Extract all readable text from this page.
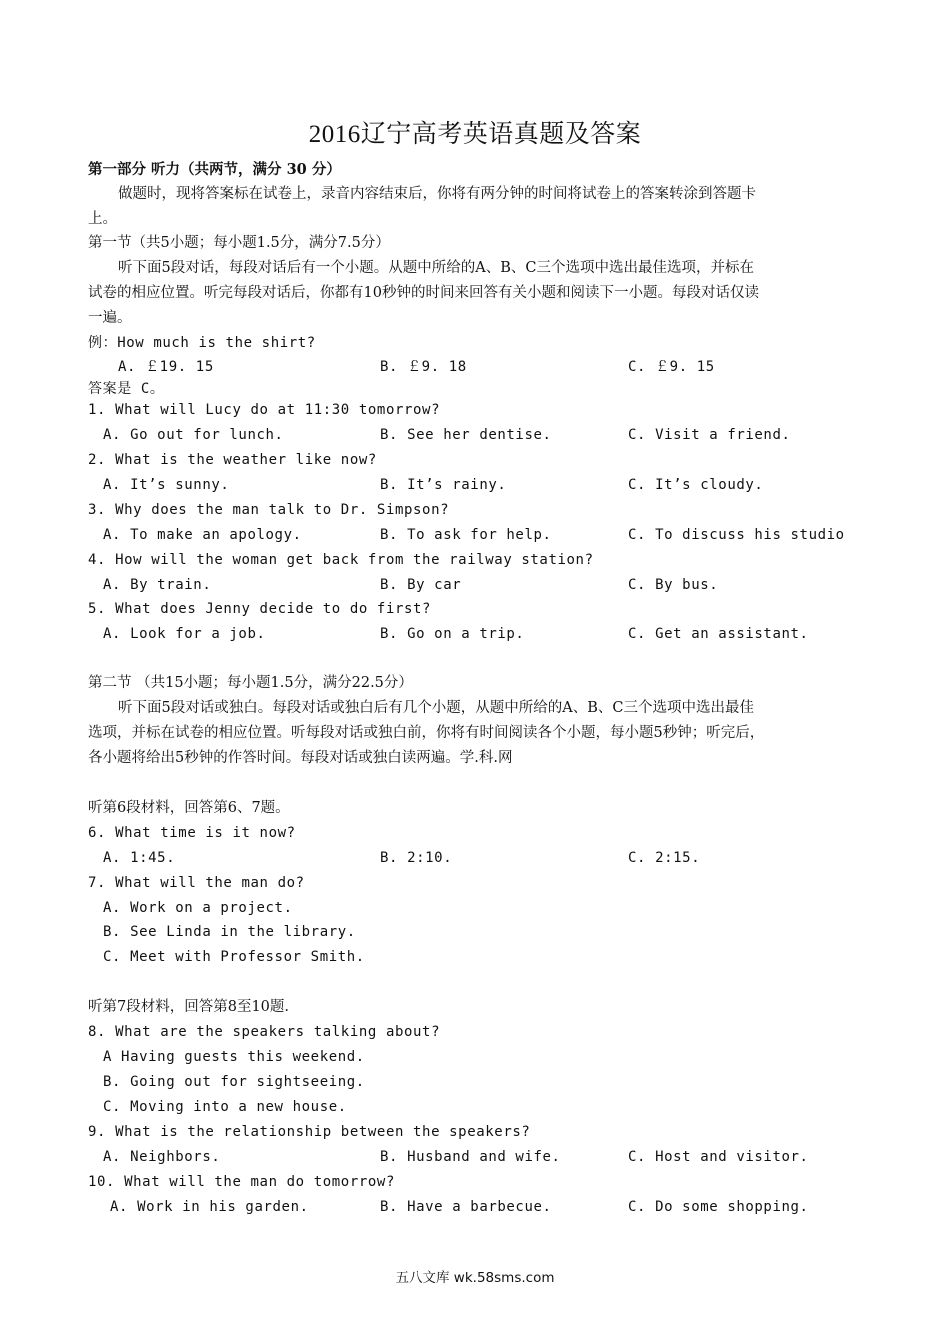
2016辽宁高考英语真题及答案
第一部分 听力（共两节，满分 30 分）
做题时，现将答案标在试卷上，录音内容结束后，你将有两分钟的时间将试卷上的答案转涂到答题卡
上。
第一节（共5小题；每小题1.5分，满分7.5分）
听下面5段对话，每段对话后有一个小题。从题中所给的A、B、C三个选项中选出最佳选项，并标在
试卷的相应位置。听完每段对话后，你都有10秒钟的时间来回答有关小题和阅读下一小题。每段对话仅读
一遍。
例：How much is the shirt?
A. ￡19. 15	B. ￡9. 18	C. ￡9. 15
答案是 C。
1. What will Lucy do at 11:30 tomorrow?
A. Go out for lunch.	B. See her dentise.	C. Visit a friend.
2. What is the weather like now?
A. It’s sunny.	B. It’s rainy.	C. It’s cloudy.
3. Why does the man talk to Dr. Simpson?
A. To make an apology.	B. To ask for help.	C. To discuss his studio
4. How will the woman get back from the railway station?
A. By train.	B. By car	C. By bus.
5. What does Jenny decide to do first?
A. Look for a job.	B. Go on a trip.	C. Get an assistant.
第二节 （共15小题；每小题1.5分，满分22.5分）
听下面5段对话或独白。每段对话或独白后有几个小题，从题中所给的A、B、C三个选项中选出最佳
选项，并标在试卷的相应位置。听每段对话或独白前，你将有时间阅读各个小题，每小题5秒钟；听完后，
各小题将给出5秒钟的作答时间。每段对话或独白读两遍。学.科.网
听第6段材料，回答第6、7题。
6. What time is it now?
A. 1:45.	B. 2:10.	C. 2:15.
7. What will the man do?
A. Work on a project.
B. See Linda in the library.
C. Meet with Professor Smith.
听第7段材料，回答第8至10题.
8. What are the speakers talking about?
A Having guests this weekend.
B. Going out for sightseeing.
C. Moving into a new house.
9. What is the relationship between the speakers?
A. Neighbors.	B. Husband and wife.	C. Host and visitor.
10. What will the man do tomorrow?
A. Work in his garden.	B. Have a barbecue.	C. Do some shopping.
五八文库 wk.58sms.com
